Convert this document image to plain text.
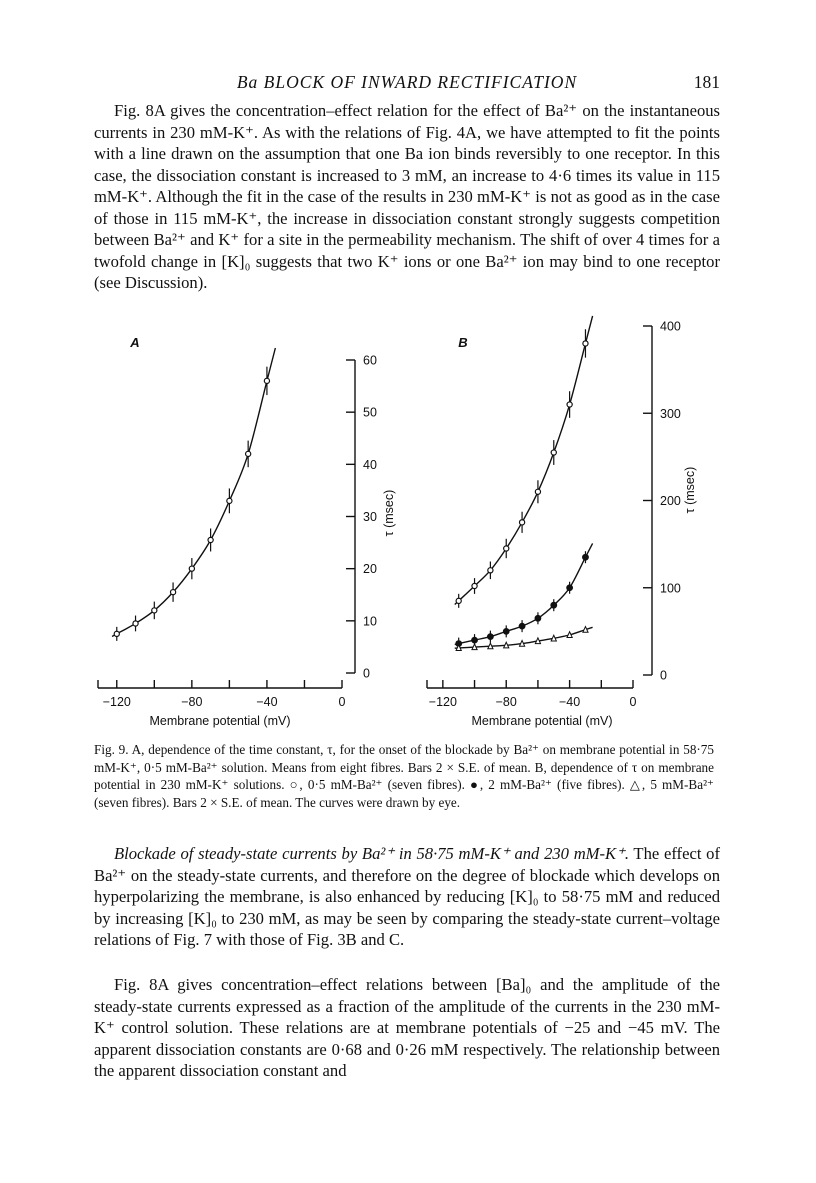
Ba BLOCK OF INWARD RECTIFICATION	181

Fig. 8A gives the concentration–effect relation for the effect of Ba²⁺ on the instantaneous currents in 230 mM-K⁺. As with the relations of Fig. 4A, we have attempted to fit the points with a line drawn on the assumption that one Ba ion binds reversibly to one receptor. In this case, the dissociation constant is increased to 3 mM, an increase to 4·6 times its value in 115 mM-K⁺. Although the fit in the case of the results in 230 mM-K⁺ is not as good as in the case of those in 115 mM-K⁺, the increase in dissociation constant strongly suggests competition between Ba²⁺ and K⁺ for a site in the permeability mechanism. The shift of over 4 times for a twofold change in [K]₀ suggests that two K⁺ ions or one Ba²⁺ ion may bind to one receptor (see Discussion).

A
−120	−80	−40	0
Membrane potential (mV)
0
10
20
30
40
50
60
τ (msec)
B
−120	−80	−40	0
Membrane potential (mV)
0
100
200
300
400
τ (msec)

Fig. 9. A, dependence of the time constant, τ, for the onset of the blockade by Ba²⁺ on membrane potential in 58·75 mM-K⁺, 0·5 mM-Ba²⁺ solution. Means from eight fibres. Bars 2 × S.E. of mean. B, dependence of τ on membrane potential in 230 mM-K⁺ solutions. ○, 0·5 mM-Ba²⁺ (seven fibres). ●, 2 mM-Ba²⁺ (five fibres). △, 5 mM-Ba²⁺ (seven fibres). Bars 2 × S.E. of mean. The curves were drawn by eye.

Blockade of steady-state currents by Ba²⁺ in 58·75 mM-K⁺ and 230 mM-K⁺. The effect of Ba²⁺ on the steady-state currents, and therefore on the degree of blockade which develops on hyperpolarizing the membrane, is also enhanced by reducing [K]₀ to 58·75 mM and reduced by increasing [K]₀ to 230 mM, as may be seen by comparing the steady-state current–voltage relations of Fig. 7 with those of Fig. 3B and C.

Fig. 8A gives concentration–effect relations between [Ba]₀ and the amplitude of the steady-state currents expressed as a fraction of the amplitude of the currents in the 230 mM-K⁺ control solution. These relations are at membrane potentials of −25 and −45 mV. The apparent dissociation constants are 0·68 and 0·26 mM respectively. The relationship between the apparent dissociation constant and
